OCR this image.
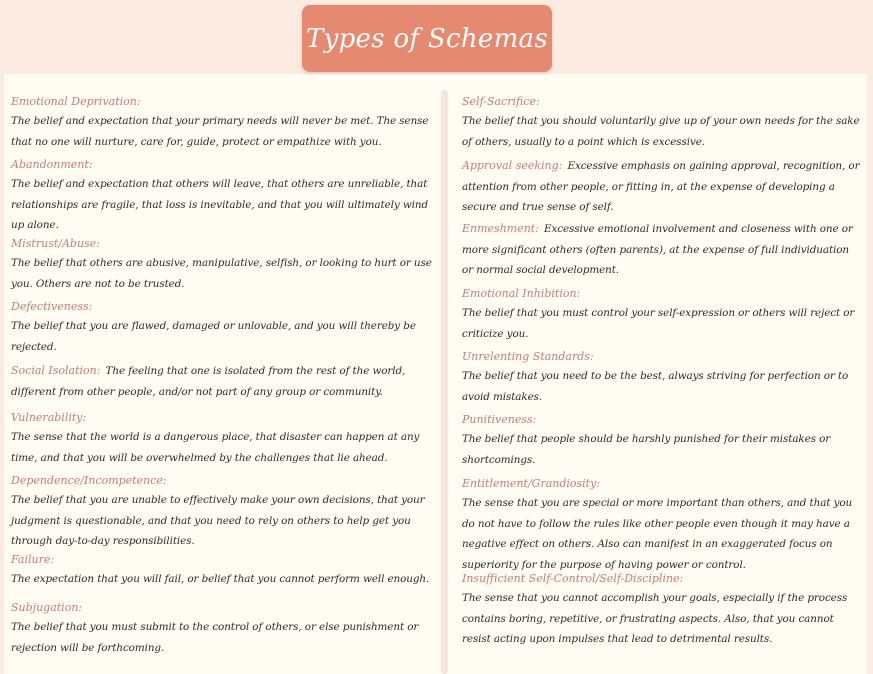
Types of Schemas
Emotional Deprivation:
The belief and expectation that your primary needs will never be met. The sense that no one will nurture, care for, guide, protect or empathize with you.
Abandonment:
The belief and expectation that others will leave, that others are unreliable, that relationships are fragile, that loss is inevitable, and that you will ultimately wind up alone.
Mistrust/Abuse:
The belief that others are abusive, manipulative, selfish, or looking to hurt or use you. Others are not to be trusted.
Defectiveness:
The belief that you are flawed, damaged or unlovable, and you will thereby be rejected.
Social Isolation: The feeling that one is isolated from the rest of the world, different from other people, and/or not part of any group or community.
Vulnerability:
The sense that the world is a dangerous place, that disaster can happen at any time, and that you will be overwhelmed by the challenges that lie ahead.
Dependence/Incompetence:
The belief that you are unable to effectively make your own decisions, that your judgment is questionable, and that you need to rely on others to help get you through day-to-day responsibilities.
Failure:
The expectation that you will fail, or belief that you cannot perform well enough.
Subjugation:
The belief that you must submit to the control of others, or else punishment or rejection will be forthcoming.
Self-Sacrifice:
The belief that you should voluntarily give up of your own needs for the sake of others, usually to a point which is excessive.
Approval seeking: Excessive emphasis on gaining approval, recognition, or attention from other people, or fitting in, at the expense of developing a secure and true sense of self.
Enmeshment: Excessive emotional involvement and closeness with one or more significant others (often parents), at the expense of full individuation or normal social development.
Emotional Inhibition:
The belief that you must control your self-expression or others will reject or criticize you.
Unrelenting Standards:
The belief that you need to be the best, always striving for perfection or to avoid mistakes.
Punitiveness:
The belief that people should be harshly punished for their mistakes or shortcomings.
Entitlement/Grandiosity:
The sense that you are special or more important than others, and that you do not have to follow the rules like other people even though it may have a negative effect on others. Also can manifest in an exaggerated focus on superiority for the purpose of having power or control.
Insufficient Self-Control/Self-Discipline:
The sense that you cannot accomplish your goals, especially if the process contains boring, repetitive, or frustrating aspects. Also, that you cannot resist acting upon impulses that lead to detrimental results.
